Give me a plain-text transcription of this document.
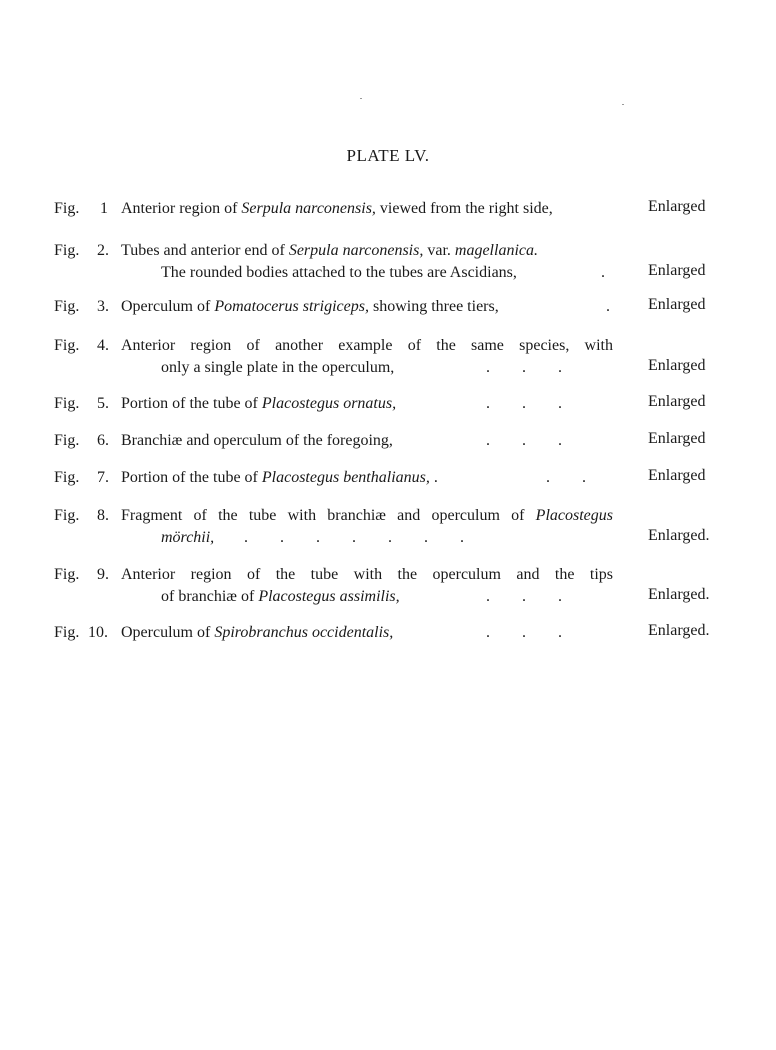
PLATE LV.
Fig. 1 Anterior region of Serpula narconensis, viewed from the right side,	Enlarged
Fig. 2. Tubes and anterior end of Serpula narconensis, var. magellanica.
The rounded bodies attached to the tubes are Ascidians,	.	Enlarged
Fig. 3. Operculum of Pomatocerus strigiceps, showing three tiers,	. Enlarged
Fig. 4. Anterior region of another example of the same species, with
only a single plate in the operculum,	.        .        .	Enlarged
Fig. 5. Portion of the tube of Placostegus ornatus,	.        .        .	Enlarged
Fig. 6. Branchiæ and operculum of the foregoing,	.        .        .	Enlarged
Fig. 7. Portion of the tube of Placostegus benthalianus, .	.        .	Enlarged
Fig. 8. Fragment of the tube with branchiæ and operculum of Placostegus
mörchii,	.        .        .        .        .        .        .	Enlarged.
Fig. 9. Anterior region of the tube with the operculum and the tips
of branchiæ of Placostegus assimilis,	.        .        .	Enlarged.
Fig. 10. Operculum of Spirobranchus occidentalis,	.        .        .	Enlarged.
